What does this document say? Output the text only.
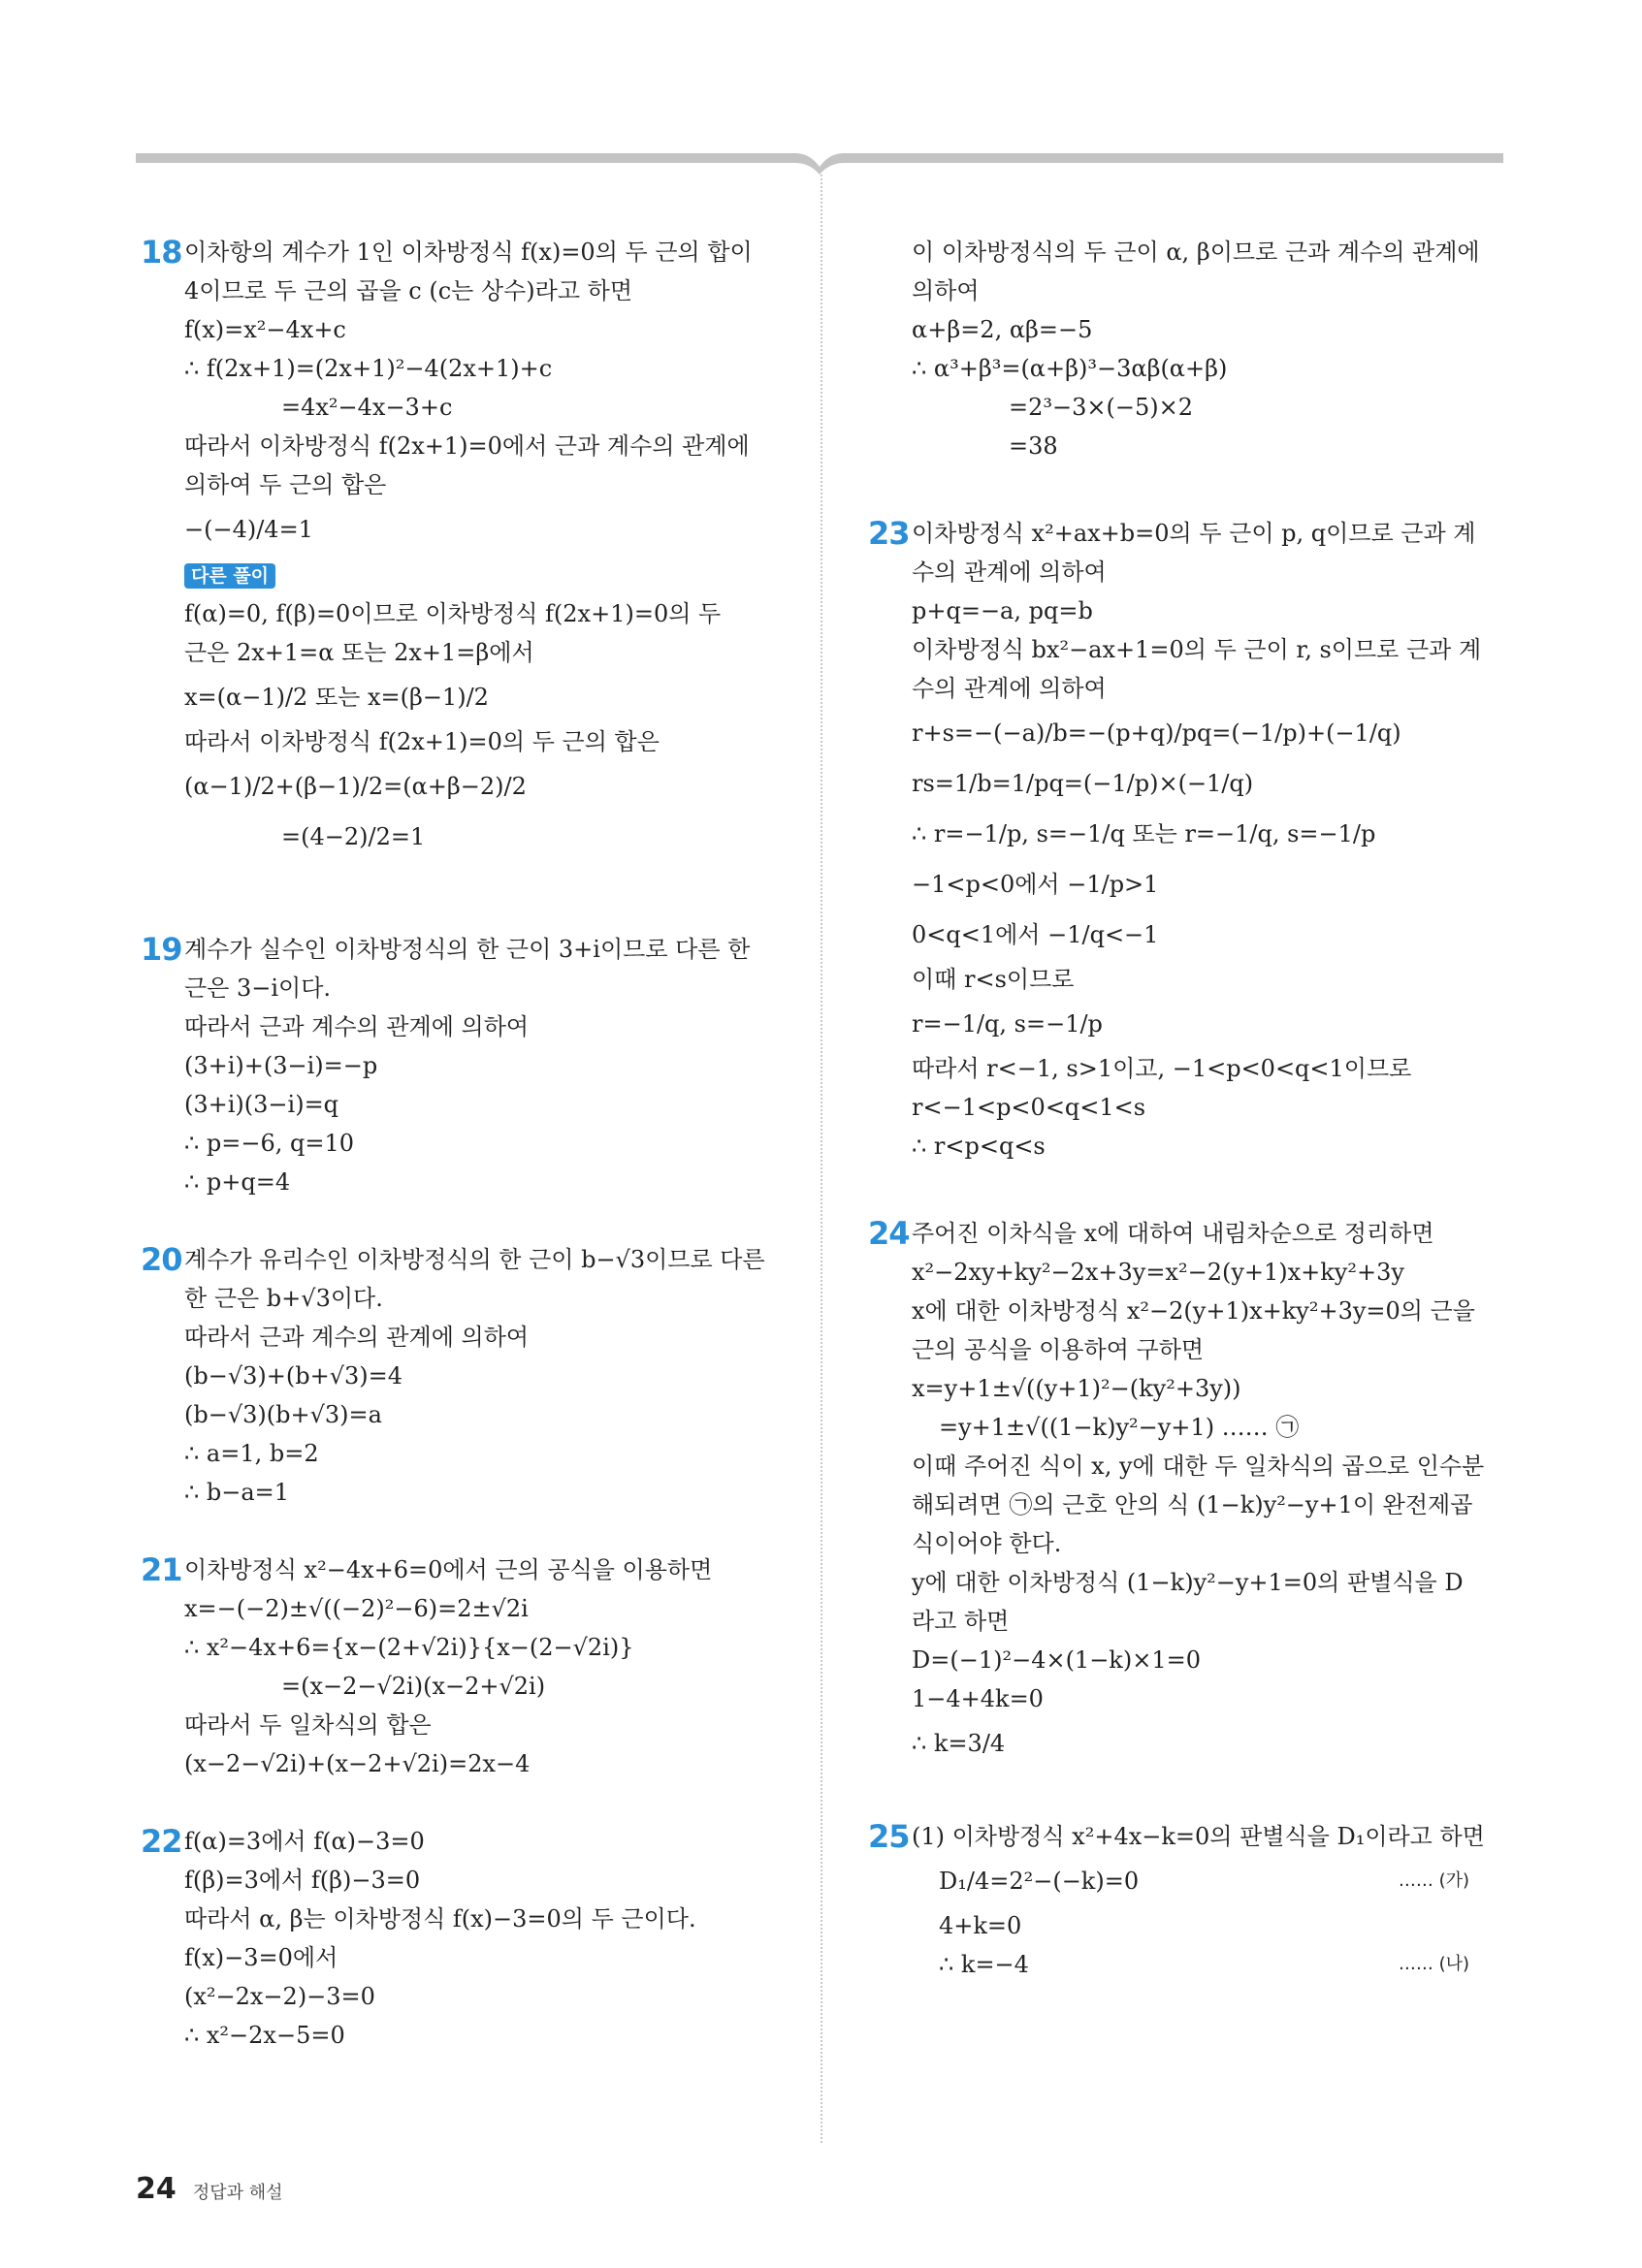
18 이차항의 계수가 1인 이차방정식 f(x)=0의 두 근의 합이
4이므로 두 근의 곱을 c (c는 상수)라고 하면
f(x)=x²−4x+c
∴ f(2x+1)=(2x+1)²−4(2x+1)+c
=4x²−4x−3+c
따라서 이차방정식 f(2x+1)=0에서 근과 계수의 관계에
의하여 두 근의 합은
−(−4)/4=1
다른 풀이
f(α)=0, f(β)=0이므로 이차방정식 f(2x+1)=0의 두
근은 2x+1=α 또는 2x+1=β에서
x=(α−1)/2 또는 x=(β−1)/2
따라서 이차방정식 f(2x+1)=0의 두 근의 합은
(α−1)/2+(β−1)/2=(α+β−2)/2
=(4−2)/2=1
19 계수가 실수인 이차방정식의 한 근이 3+i이므로 다른 한
근은 3−i이다.
따라서 근과 계수의 관계에 의하여
(3+i)+(3−i)=−p
(3+i)(3−i)=q
∴ p=−6, q=10
∴ p+q=4
20 계수가 유리수인 이차방정식의 한 근이 b−√3이므로 다른
한 근은 b+√3이다.
따라서 근과 계수의 관계에 의하여
(b−√3)+(b+√3)=4
(b−√3)(b+√3)=a
∴ a=1, b=2
∴ b−a=1
21 이차방정식 x²−4x+6=0에서 근의 공식을 이용하면
x=−(−2)±√((−2)²−6)=2±√2i
∴ x²−4x+6={x−(2+√2i)}{x−(2−√2i)}
=(x−2−√2i)(x−2+√2i)
따라서 두 일차식의 합은
(x−2−√2i)+(x−2+√2i)=2x−4
22 f(α)=3에서 f(α)−3=0
f(β)=3에서 f(β)−3=0
따라서 α, β는 이차방정식 f(x)−3=0의 두 근이다.
f(x)−3=0에서
(x²−2x−2)−3=0
∴ x²−2x−5=0
이 이차방정식의 두 근이 α, β이므로 근과 계수의 관계에
의하여
α+β=2, αβ=−5
∴ α³+β³=(α+β)³−3αβ(α+β)
=2³−3×(−5)×2
=38
23 이차방정식 x²+ax+b=0의 두 근이 p, q이므로 근과 계
수의 관계에 의하여
p+q=−a, pq=b
이차방정식 bx²−ax+1=0의 두 근이 r, s이므로 근과 계
수의 관계에 의하여
r+s=−(−a)/b=−(p+q)/pq=(−1/p)+(−1/q)
rs=1/b=1/pq=(−1/p)×(−1/q)
∴ r=−1/p, s=−1/q 또는 r=−1/q, s=−1/p
−1<p<0에서 −1/p>1
0<q<1에서 −1/q<−1
이때 r<s이므로
r=−1/q, s=−1/p
따라서 r<−1, s>1이고, −1<p<0<q<1이므로
r<−1<p<0<q<1<s
∴ r<p<q<s
24 주어진 이차식을 x에 대하여 내림차순으로 정리하면
x²−2xy+ky²−2x+3y=x²−2(y+1)x+ky²+3y
x에 대한 이차방정식 x²−2(y+1)x+ky²+3y=0의 근을
근의 공식을 이용하여 구하면
x=y+1±√((y+1)²−(ky²+3y))
=y+1±√((1−k)y²−y+1) …… ㉠
이때 주어진 식이 x, y에 대한 두 일차식의 곱으로 인수분
해되려면 ㉠의 근호 안의 식 (1−k)y²−y+1이 완전제곱
식이어야 한다.
y에 대한 이차방정식 (1−k)y²−y+1=0의 판별식을 D
라고 하면
D=(−1)²−4×(1−k)×1=0
1−4+4k=0
∴ k=3/4
25 (1) 이차방정식 x²+4x−k=0의 판별식을 D₁이라고 하면
D₁/4=2²−(−k)=0	…… (가)
4+k=0
∴ k=−4	…… (나)
24 정답과 해설
